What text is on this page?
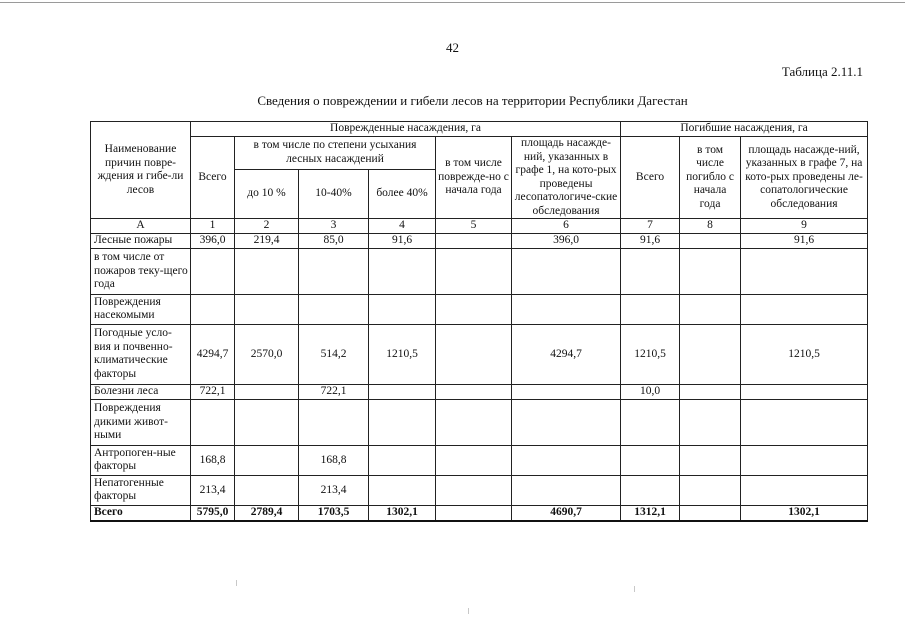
42
Таблица 2.11.1
Сведения о повреждении и гибели лесов на территории Республики Дагестан
Наименование причин повре-ждения и гибе-ли лесов	Поврежденные насаждения, га						Погибшие насаждения, га		
	Всего	в том числе по степени усыхания лесных насаждений			в том числе поврежде-но с начала года	площадь насажде-ний, указанных в графе 1, на кото-рых проведены лесопатологиче-ские обследования	Всего	в том числе погибло с начала года	площадь насажде-ний, указанных в графе 7, на кото-рых проведены ле-сопатологические обследования
		до 10 %	10-40%	более 40%					
А	1	2	3	4	5	6	7	8	9
Лесные пожары	396,0	219,4	85,0	91,6		396,0	91,6		91,6
в том числе от пожаров теку-щего года									
Повреждения насекомыми									
Погодные усло-вия и почвенно-климатические факторы	4294,7	2570,0	514,2	1210,5		4294,7	1210,5		1210,5
Болезни леса	722,1		722,1				10,0		
Повреждения дикими живот-ными									
Антропоген-ные факторы	168,8		168,8						
Непатогенные факторы	213,4		213,4						
Всего	5795,0	2789,4	1703,5	1302,1		4690,7	1312,1		1302,1
